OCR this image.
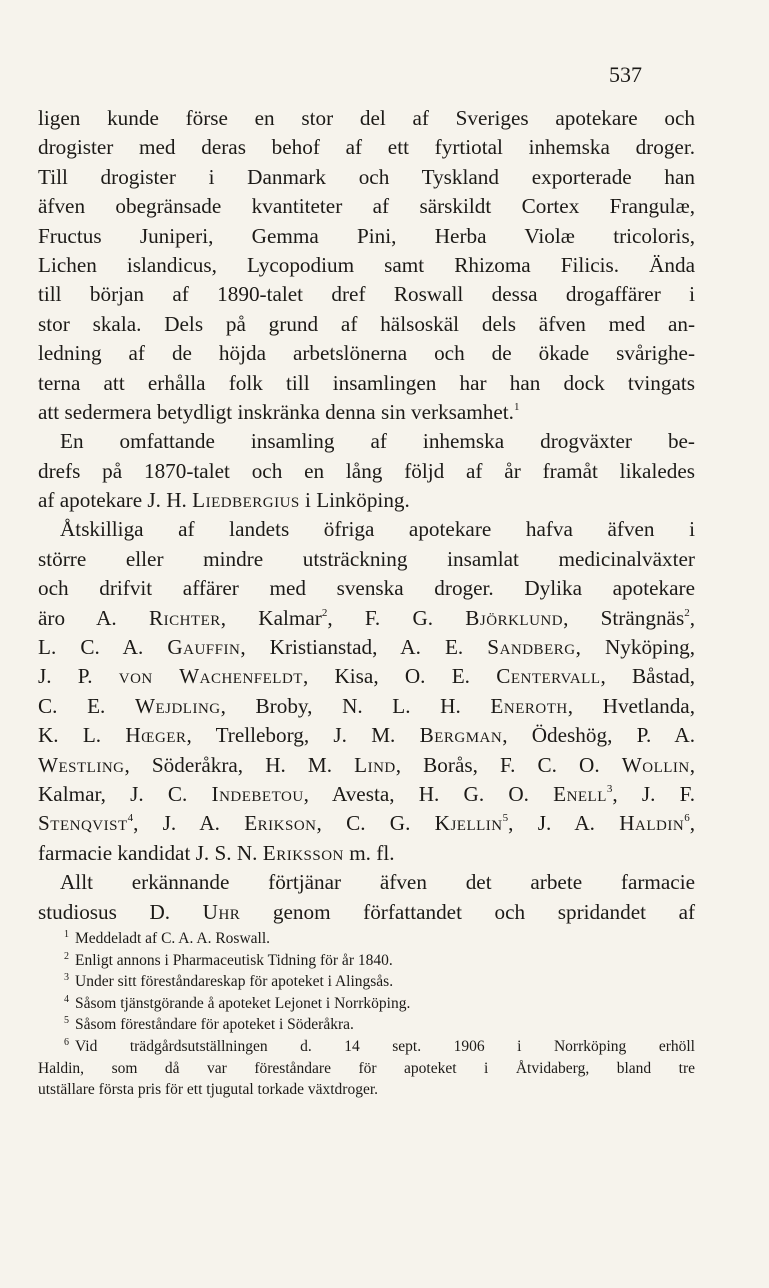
537
ligen kunde förse en stor del af Sveriges apotekare och
drogister med deras behof af ett fyrtiotal inhemska droger.
Till drogister i Danmark och Tyskland exporterade han
äfven obegränsade kvantiteter af särskildt Cortex Frangulæ,
Fructus Juniperi, Gemma Pini, Herba Violæ tricoloris,
Lichen islandicus, Lycopodium samt Rhizoma Filicis. Ända
till början af 1890-talet dref Roswall dessa drogaffärer i
stor skala. Dels på grund af hälsoskäl dels äfven med an-
ledning af de höjda arbetslönerna och de ökade svårighe-
terna att erhålla folk till insamlingen har han dock tvingats
att sedermera betydligt inskränka denna sin verksamhet.$^1$
En omfattande insamling af inhemska drogväxter be-
drefs på 1870-talet och en lång följd af år framåt likaledes
af apotekare J. H. Liedbergius i Linköping.
Åtskilliga af landets öfriga apotekare hafva äfven i
större eller mindre utsträckning insamlat medicinalväxter
och drifvit affärer med svenska droger. Dylika apotekare
äro A. Richter, Kalmar$^2$, F. G. Björklund, Strängnäs$^2$,
L. C. A. Gauffin, Kristianstad, A. E. Sandberg, Nyköping,
J. P. von Wachenfeldt, Kisa, O. E. Centervall, Båstad,
C. E. Wejdling, Broby, N. L. H. Eneroth, Hvetlanda,
K. L. Hœger, Trelleborg, J. M. Bergman, Ödeshög, P. A.
Westling, Söderåkra, H. M. Lind, Borås, F. C. O. Wollin,
Kalmar, J. C. Indebetou, Avesta, H. G. O. Enell$^3$, J. F.
Stenqvist$^4$, J. A. Erikson, C. G. Kjellin$^5$, J. A. Haldin$^6$,
farmacie kandidat J. S. N. Eriksson m. fl.
Allt erkännande förtjänar äfven det arbete farmacie
studiosus D. Uhr genom författandet och spridandet af
$^1$ Meddeladt af C. A. A. Roswall.
$^2$ Enligt annons i Pharmaceutisk Tidning för år 1840.
$^3$ Under sitt föreståndareskap för apoteket i Alingsås.
$^4$ Såsom tjänstgörande å apoteket Lejonet i Norrköping.
$^5$ Såsom föreståndare för apoteket i Söderåkra.
$^6$ Vid trädgårdsutställningen d. 14 sept. 1906 i Norrköping erhöll
Haldin, som då var föreståndare för apoteket i Åtvidaberg, bland tre
utställare första pris för ett tjugutal torkade växtdroger.
